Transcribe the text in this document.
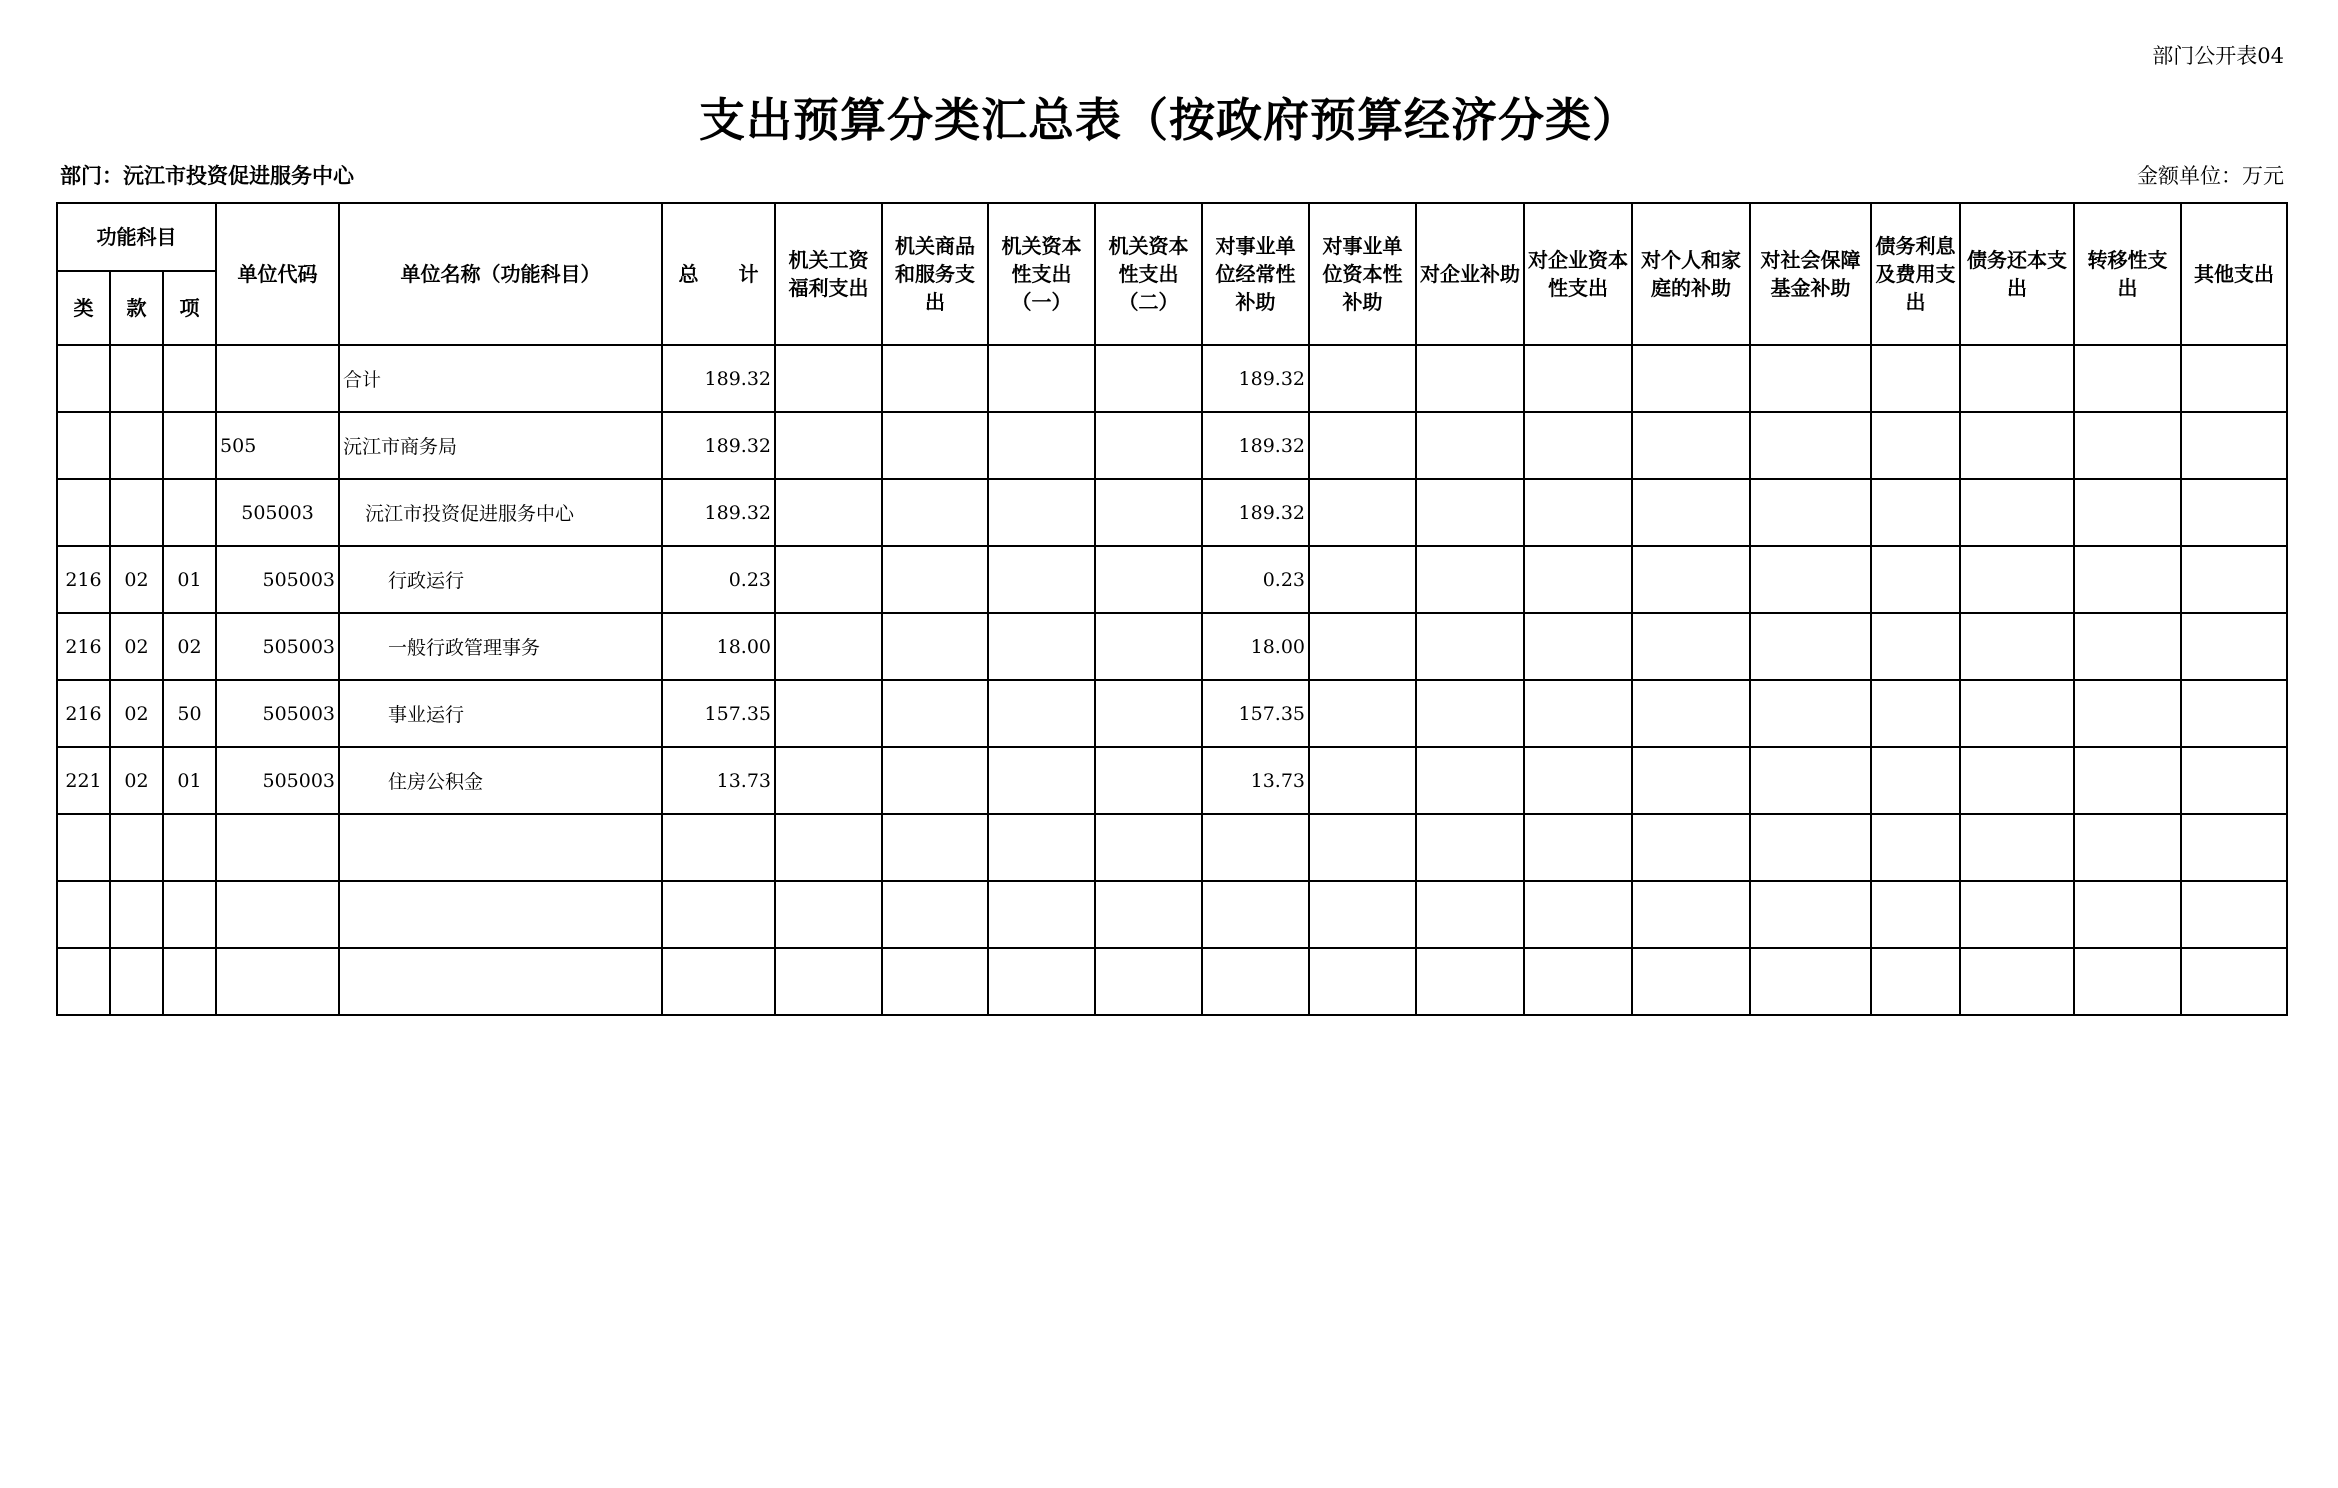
部门公开表04
支出预算分类汇总表（按政府预算经济分类）
部门：沅江市投资促进服务中心	金额单位：万元
功能科目			单位代码	单位名称（功能科目）	总　　计	机关工资福利支出	机关商品和服务支出	机关资本性支出（一）	机关资本性支出（二）	对事业单位经常性补助	对事业单位资本性补助	对企业补助	对企业资本性支出	对个人和家庭的补助	对社会保障基金补助	债务利息及费用支出	债务还本支出	转移性支出	其他支出
类	款	项																	
				合计	189.32					189.32									
			505	沅江市商务局	189.32					189.32									
			505003	沅江市投资促进服务中心	189.32					189.32									
216	02	01	505003	行政运行	0.23					0.23									
216	02	02	505003	一般行政管理事务	18.00					18.00									
216	02	50	505003	事业运行	157.35					157.35									
221	02	01	505003	住房公积金	13.73					13.73									
